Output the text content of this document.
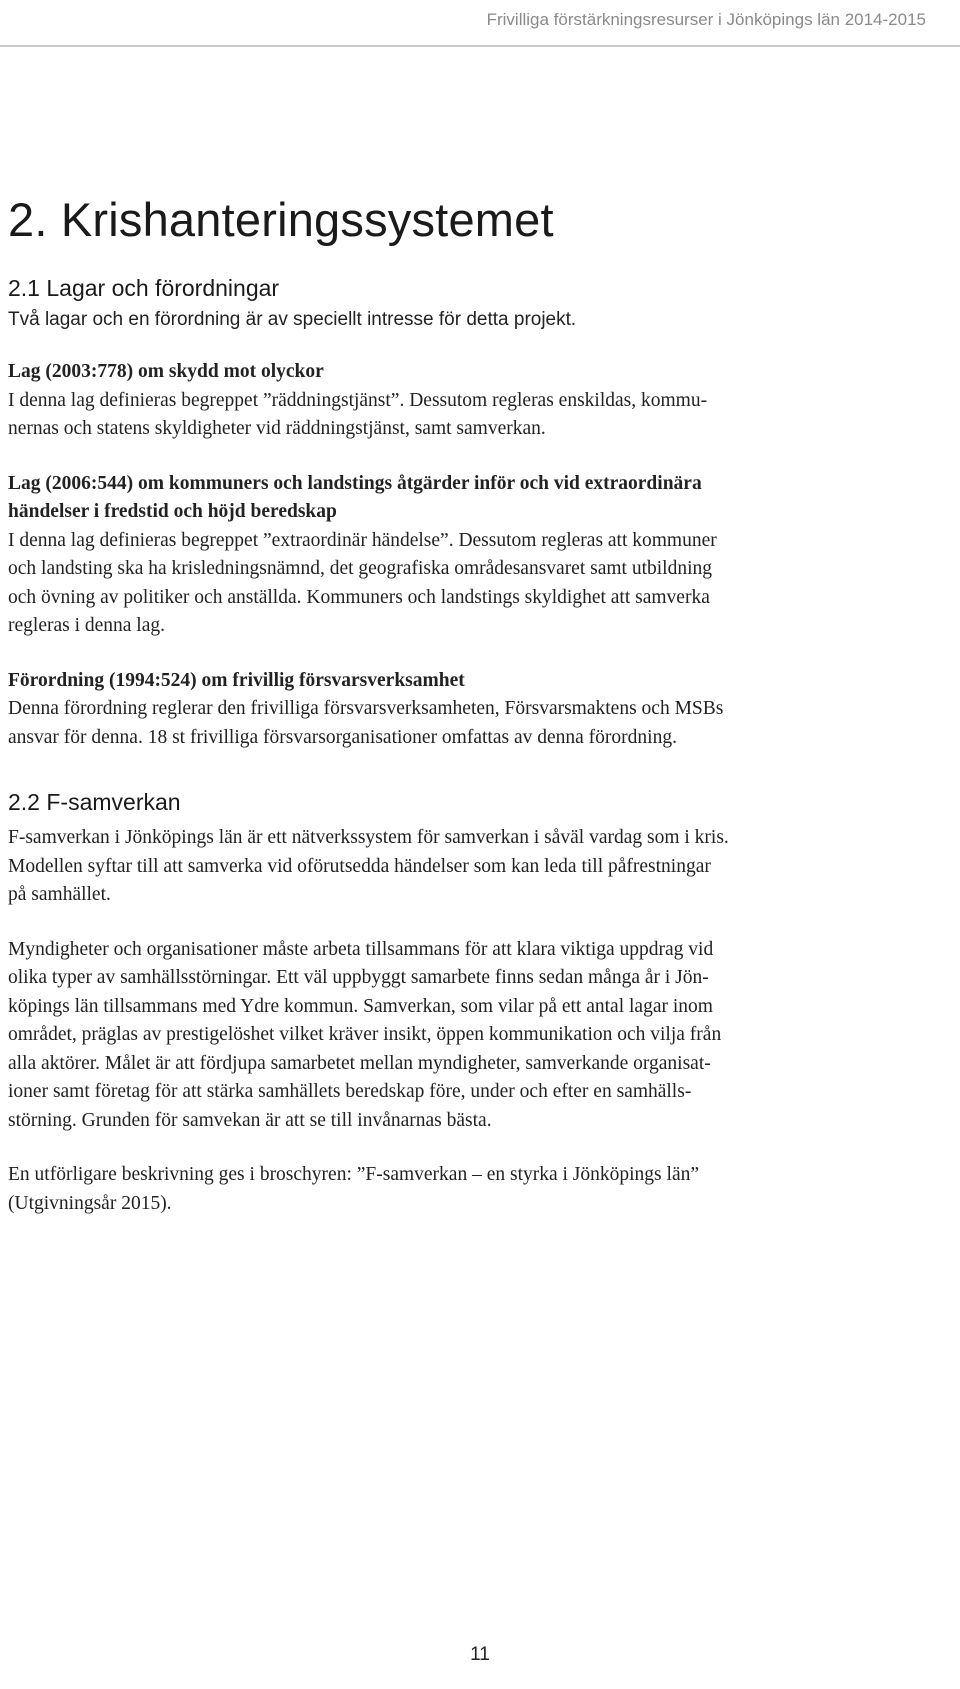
Frivilliga förstärkningsresurser i Jönköpings län 2014-2015
2. Krishanteringssystemet
2.1 Lagar och förordningar
Två lagar och en förordning är av speciellt intresse för detta projekt.
Lag (2003:778) om skydd mot olyckor
I denna lag definieras begreppet ”räddningstjänst”. Dessutom regleras enskildas, kommu-
nernas och statens skyldigheter vid räddningstjänst, samt samverkan.
Lag (2006:544) om kommuners och landstings åtgärder inför och vid extraordinära
händelser i fredstid och höjd beredskap
I denna lag definieras begreppet ”extraordinär händelse”. Dessutom regleras att kommuner
och landsting ska ha krisledningsnämnd, det geografiska områdesansvaret samt utbildning
och övning av politiker och anställda. Kommuners och landstings skyldighet att samverka
regleras i denna lag.
Förordning (1994:524) om frivillig försvarsverksamhet
Denna förordning reglerar den frivilliga försvarsverksamheten, Försvarsmaktens och MSBs
ansvar för denna. 18 st frivilliga försvarsorganisationer omfattas av denna förordning.
2.2 F-samverkan
F-samverkan i Jönköpings län är ett nätverkssystem för samverkan i såväl vardag som i kris.
Modellen syftar till att samverka vid oförutsedda händelser som kan leda till påfrestningar
på samhället.
Myndigheter och organisationer måste arbeta tillsammans för att klara viktiga uppdrag vid
olika typer av samhällsstörningar. Ett väl uppbyggt samarbete finns sedan många år i Jön-
köpings län tillsammans med Ydre kommun. Samverkan, som vilar på ett antal lagar inom
området, präglas av prestigelöshet vilket kräver insikt, öppen kommunikation och vilja från
alla aktörer. Målet är att fördjupa samarbetet mellan myndigheter, samverkande organisat-
ioner samt företag för att stärka samhällets beredskap före, under och efter en samhälls-
störning. Grunden för samvekan är att se till invånarnas bästa.
En utförligare beskrivning ges i broschyren: ”F-samverkan – en styrka i Jönköpings län”
(Utgivningsår 2015).
11
